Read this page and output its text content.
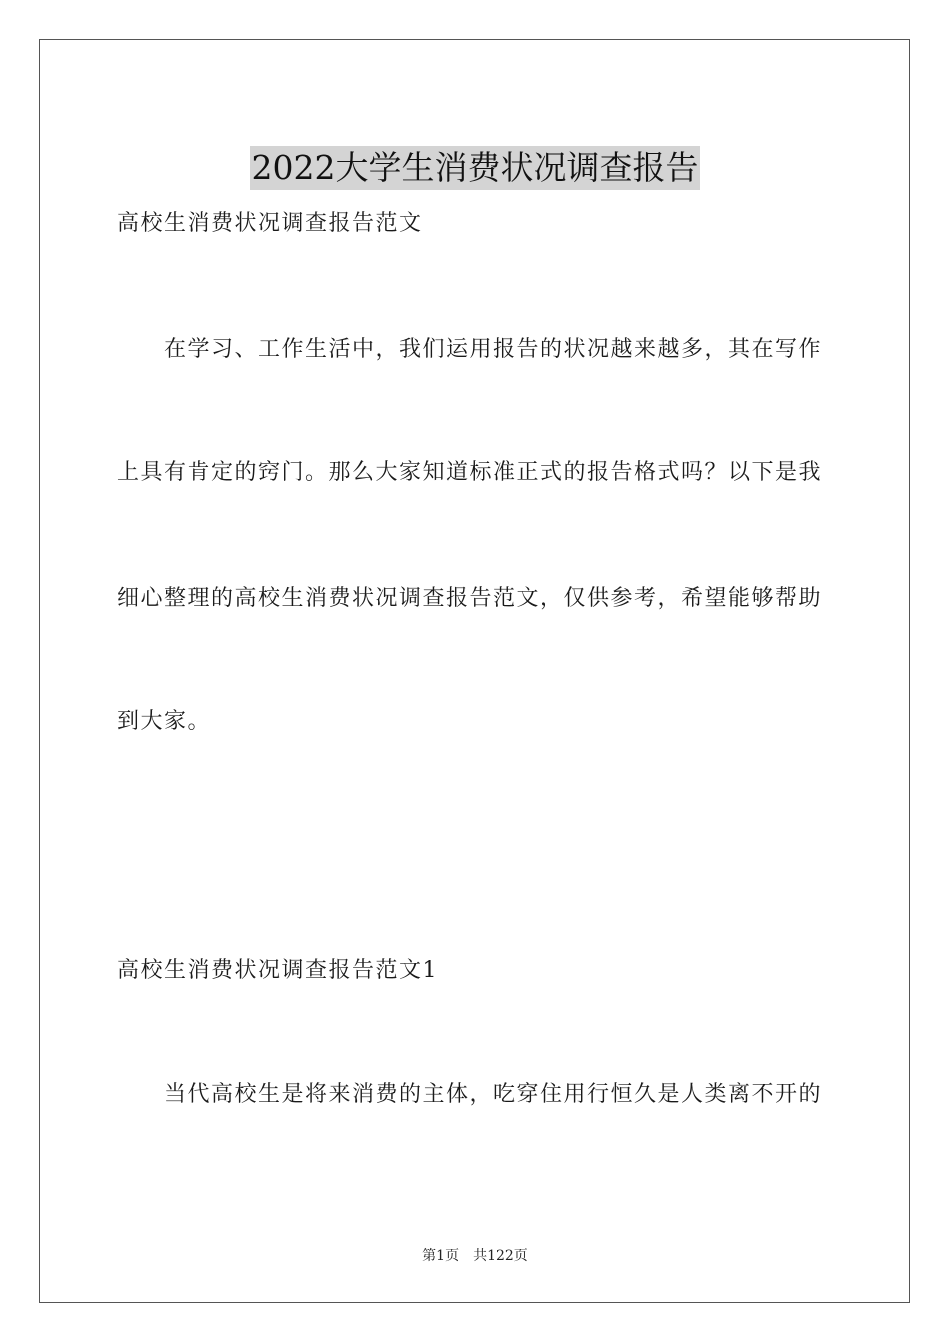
2022大学生消费状况调查报告
高校生消费状况调查报告范文
在学习、工作生活中，我们运用报告的状况越来越多，其在写作
上具有肯定的窍门。那么大家知道标准正式的报告格式吗？以下是我
细心整理的高校生消费状况调查报告范文，仅供参考，希望能够帮助
到大家。
高校生消费状况调查报告范文1
当代高校生是将来消费的主体，吃穿住用行恒久是人类离不开的
第1页　共122页
